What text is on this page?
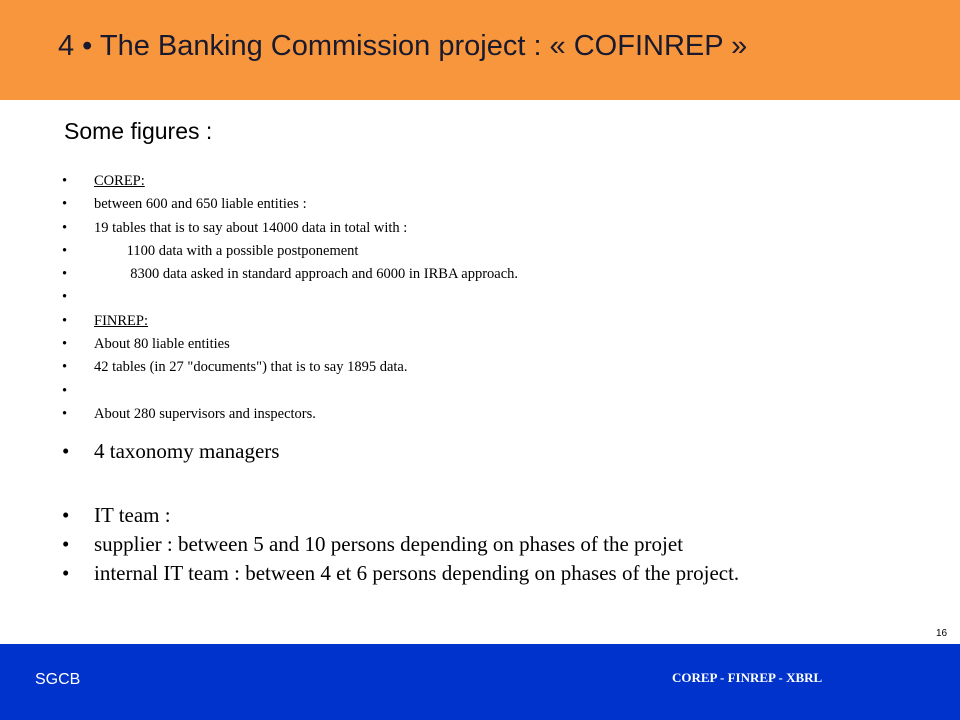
4 • The Banking Commission project : « COFINREP »
Some figures :
• COREP:
• between 600 and 650 liable entities :
• 19 tables that is to say about 14000 data in total with :
• 1100 data with a possible postponement
• 8300 data asked in standard approach and 6000 in IRBA approach.
•
• FINREP:
• About 80 liable entities
• 42 tables (in 27 "documents") that is to say 1895 data.
•
• About 280 supervisors and inspectors.
• 4 taxonomy managers
• IT team :
• supplier : between 5 and 10 persons depending on phases of the projet
• internal IT team : between 4 et 6 persons depending on phases of the project.
16
SGCB	COREP - FINREP - XBRL
